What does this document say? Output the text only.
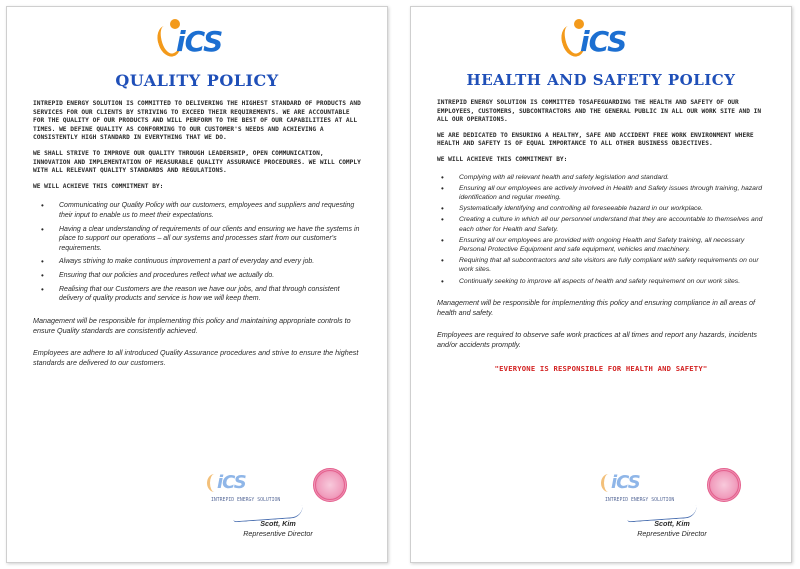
iCS
QUALITY POLICY

INTREPID ENERGY SOLUTION IS COMMITTED TO DELIVERING THE HIGHEST STANDARD OF PRODUCTS AND SERVICES FOR OUR CLIENTS BY STRIVING TO EXCEED THEIR REQUIREMENTS. WE ARE ACCOUNTABLE FOR THE QUALITY OF OUR PRODUCTS AND WILL PERFORM TO THE BEST OF OUR CAPABILITIES AT ALL TIMES. WE DEFINE QUALITY AS CONFORMING TO OUR CUSTOMER'S NEEDS AND ACHIEVING A CONSISTENTLY HIGH STANDARD IN EVERYTHING THAT WE DO.

WE SHALL STRIVE TO IMPROVE OUR QUALITY THROUGH LEADERSHIP, OPEN COMMUNICATION, INNOVATION AND IMPLEMENTATION OF MEASURABLE QUALITY ASSURANCE PROCEDURES. WE WILL COMPLY WITH ALL RELEVANT QUALITY STANDARDS AND REGULATIONS.

WE WILL ACHIEVE THIS COMMITMENT BY:

• Communicating our Quality Policy with our customers, employees and suppliers and requesting their input to enable us to meet their expectations.
• Having a clear understanding of requirements of our clients and ensuring we have the systems in place to support our operations – all our systems and processes start from our customer's requirements.
• Always striving to make continuous improvement a part of everyday and every job.
• Ensuring that our policies and procedures reflect what we actually do.
• Realising that our Customers are the reason we have our jobs, and that through consistent delivery of quality products and service is how we will keep them.

Management will be responsible for implementing this policy and maintaining appropriate controls to ensure Quality standards are consistently achieved.

Employees are adhere to all introduced Quality Assurance procedures and strive to ensure the highest standards are delivered to our customers.

iCS
INTREPID ENERGY SOLUTION
Scott, Kim
Representive Director
iCS
HEALTH AND SAFETY POLICY

INTREPID ENERGY SOLUTION IS COMMITTED TOSAFEGUARDING THE HEALTH AND SAFETY OF OUR EMPLOYEES, CUSTOMERS, SUBCONTRACTORS AND THE GENERAL PUBLIC IN ALL OUR WORK SITE AND IN ALL OUR OPERATIONS.

WE ARE DEDICATED TO ENSURING A HEALTHY, SAFE AND ACCIDENT FREE WORK ENVIRONMENT WHERE HEALTH AND SAFETY IS OF EQUAL IMPORTANCE TO ALL OTHER BUSINESS OBJECTIVES.

WE WILL ACHIEVE THIS COMMITMENT BY:

• Complying with all relevant health and safety legislation and standard.
• Ensuring all our employees are actively involved in Health and Safety issues through training, hazard identification and regular meeting.
• Systematically identifying and controlling all foreseeable hazard in our workplace.
• Creating a culture in which all our personnel understand that they are accountable to themselves and each other for Health and Safety.
• Ensuring all our employees are provided with ongoing Health and Safety training, all necessary Personal Protective Equipment and safe equipment, vehicles and machinery.
• Requiring that all subcontractors and site visitors are fully compliant with safety requirements on our work sites.
• Continually seeking to improve all aspects of health and safety requirement on our work sites.

Management will be responsible for implementing this policy and ensuring compliance in all areas of health and safety.

Employees are required to observe safe work practices at all times and report any hazards, incidents and/or accidents promptly.

"EVERYONE IS RESPONSIBLE FOR HEALTH AND SAFETY"

iCS
INTREPID ENERGY SOLUTION
Scott, Kim
Representive Director
